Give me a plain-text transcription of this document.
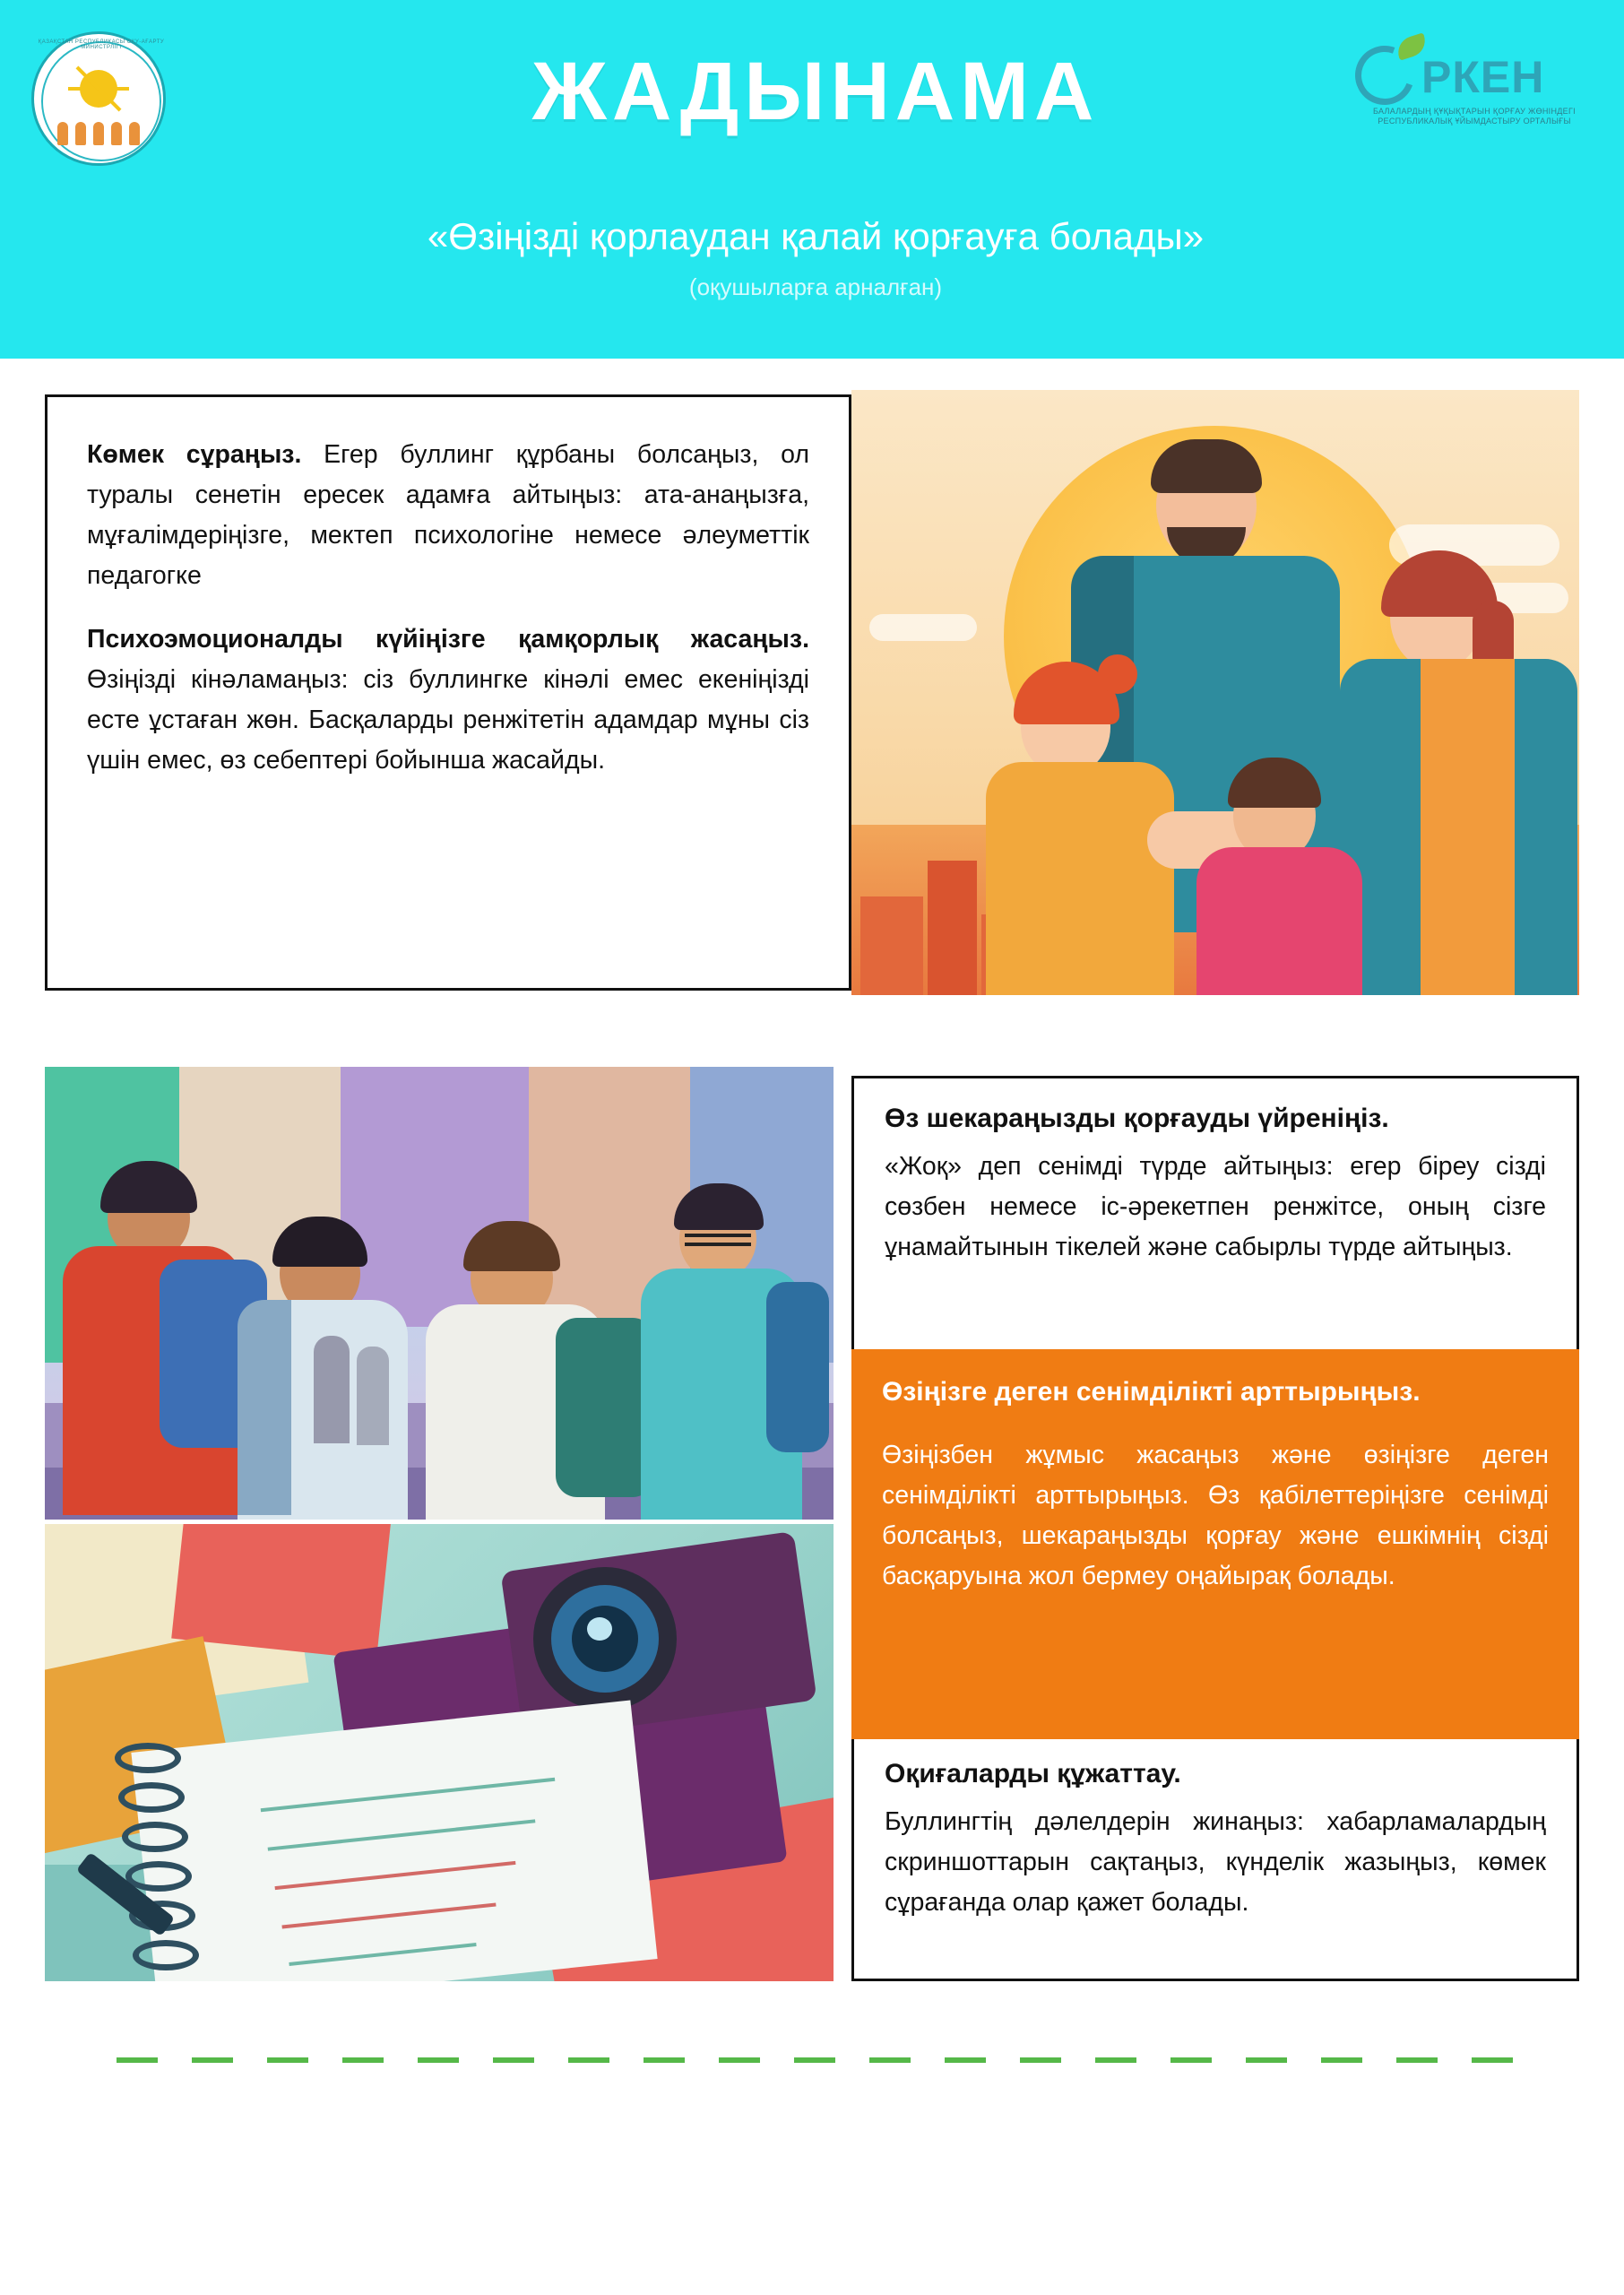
ҚАЗАҚСТАН РЕСПУБЛИКАСЫ ОҚУ-АҒАРТУ МИНИСТРЛІГІ	ЖАДЫНАМА
«Өзіңізді қорлаудан қалай қорғауға болады»
(оқушыларға арналған)
РКЕН
БАЛАЛАРДЫҢ ҚҰҚЫҚТАРЫН ҚОРҒАУ ЖӨНІНДЕГІ РЕСПУБЛИКАЛЫҚ ҰЙЫМДАСТЫРУ ОРТАЛЫҒЫ
Көмек сұраңыз. Егер буллинг құрбаны болсаңыз, ол туралы сенетін ересек адамға айтыңыз: ата-анаңызға, мұғалімдеріңізге, мектеп психологіне немесе әлеуметтік педагогке
Психоэмоционалды күйіңізге қамқорлық жасаңыз. Өзіңізді кінәламаңыз: сіз буллингке кінәлі емес екеніңізді есте ұстаған жөн. Басқаларды ренжітетін адамдар мұны сіз үшін емес, өз себептері бойынша жасайды.
Өз шекараңызды қорғауды үйреніңіз.
«Жоқ» деп сенімді түрде айтыңыз: егер біреу сізді сөзбен немесе іс-әрекетпен ренжітсе, оның сізге ұнамайтынын тікелей және сабырлы түрде айтыңыз.
Өзіңізге деген сенімділікті арттырыңыз.
Өзіңізбен жұмыс жасаңыз және өзіңізге деген сенімділікті арттырыңыз. Өз қабілеттеріңізге сенімді болсаңыз, шекараңызды қорғау және ешкімнің сізді басқаруына жол бермеу оңайырақ болады.
Оқиғаларды құжаттау.
Буллингтің дәлелдерін жинаңыз: хабарламалардың скриншоттарын сақтаңыз, күнделік жазыңыз, көмек сұрағанда олар қажет болады.
